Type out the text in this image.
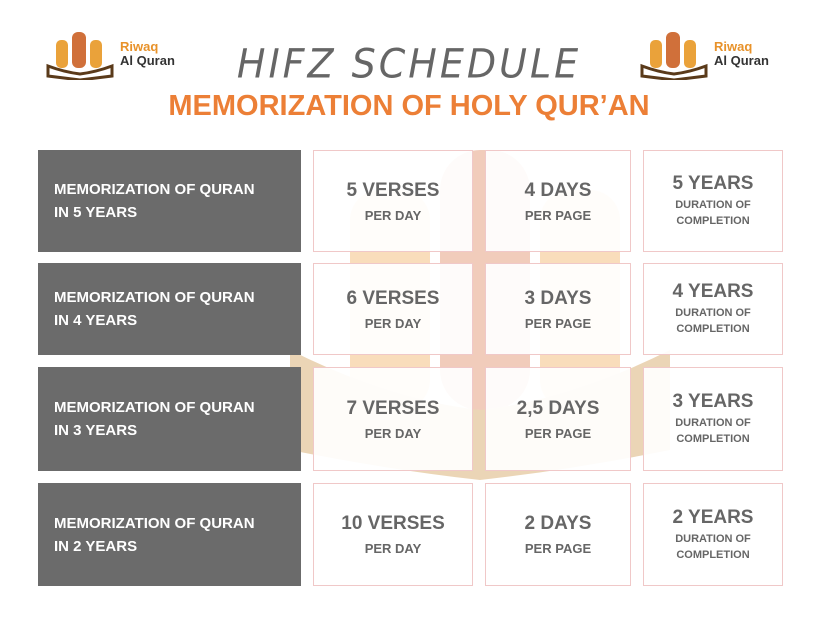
Riwaq
Al Quran
Riwaq
Al Quran
HIFZ SCHEDULE
MEMORIZATION OF HOLY QUR’AN
MEMORIZATION OF QURAN
IN 5 YEARS
5 VERSES
PER DAY
4 DAYS
PER PAGE
5 YEARS
DURATION OF
COMPLETION
MEMORIZATION OF QURAN
IN 4 YEARS
6 VERSES
PER DAY
3 DAYS
PER PAGE
4 YEARS
DURATION OF
COMPLETION
MEMORIZATION OF QURAN
IN 3 YEARS
7 VERSES
PER DAY
2,5 DAYS
PER PAGE
3 YEARS
DURATION OF
COMPLETION
MEMORIZATION OF QURAN
IN 2 YEARS
10 VERSES
PER DAY
2 DAYS
PER PAGE
2 YEARS
DURATION OF
COMPLETION
